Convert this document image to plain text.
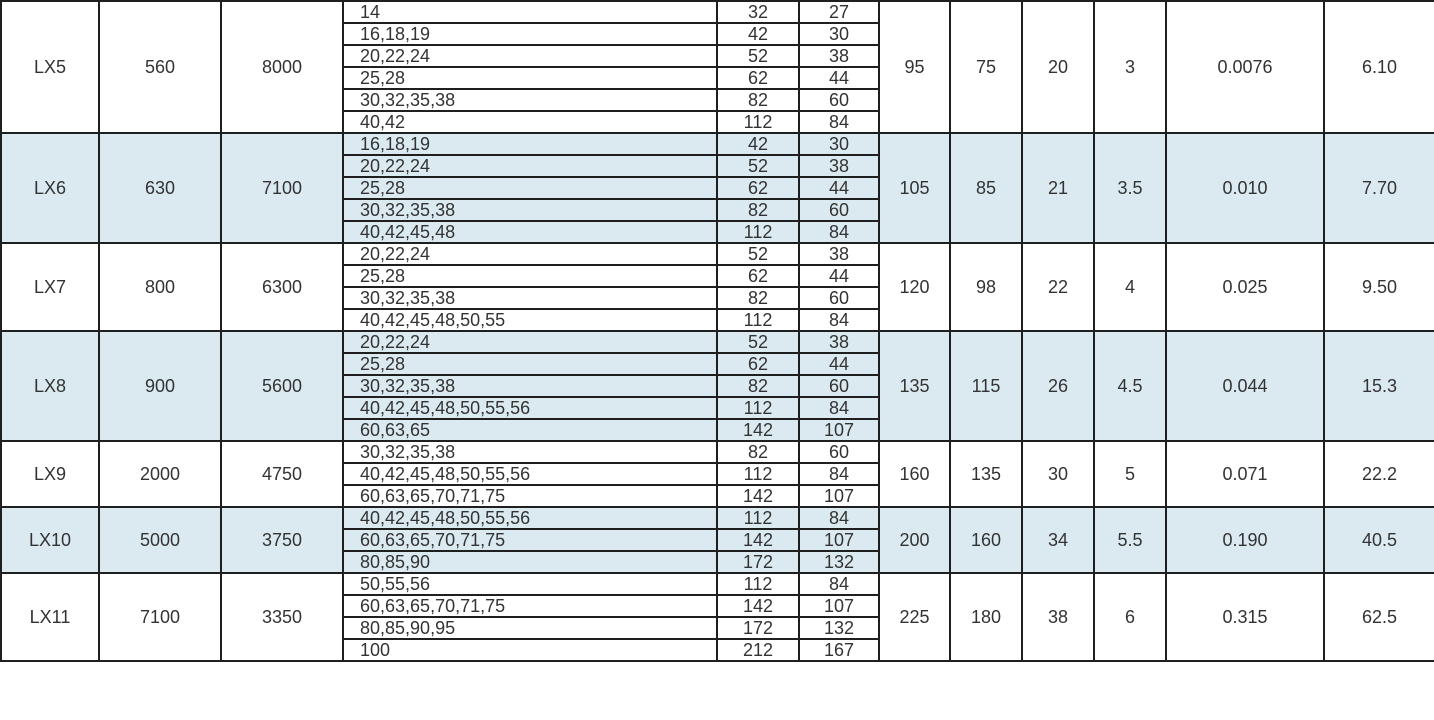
LX5	560	8000	14	32	27	95	75	20	3	0.0076	6.10
			16,18,19	42	30						
			20,22,24	52	38						
			25,28	62	44						
			30,32,35,38	82	60						
			40,42	112	84						
LX6	630	7100	16,18,19	42	30	105	85	21	3.5	0.010	7.70
			20,22,24	52	38						
			25,28	62	44						
			30,32,35,38	82	60						
			40,42,45,48	112	84						
LX7	800	6300	20,22,24	52	38	120	98	22	4	0.025	9.50
			25,28	62	44						
			30,32,35,38	82	60						
			40,42,45,48,50,55	112	84						
LX8	900	5600	20,22,24	52	38	135	115	26	4.5	0.044	15.3
			25,28	62	44						
			30,32,35,38	82	60						
			40,42,45,48,50,55,56	112	84						
			60,63,65	142	107						
LX9	2000	4750	30,32,35,38	82	60	160	135	30	5	0.071	22.2
			40,42,45,48,50,55,56	112	84						
			60,63,65,70,71,75	142	107						
LX10	5000	3750	40,42,45,48,50,55,56	112	84	200	160	34	5.5	0.190	40.5
			60,63,65,70,71,75	142	107						
			80,85,90	172	132						
LX11	7100	3350	50,55,56	112	84	225	180	38	6	0.315	62.5
			60,63,65,70,71,75	142	107						
			80,85,90,95	172	132						
			100	212	167						
